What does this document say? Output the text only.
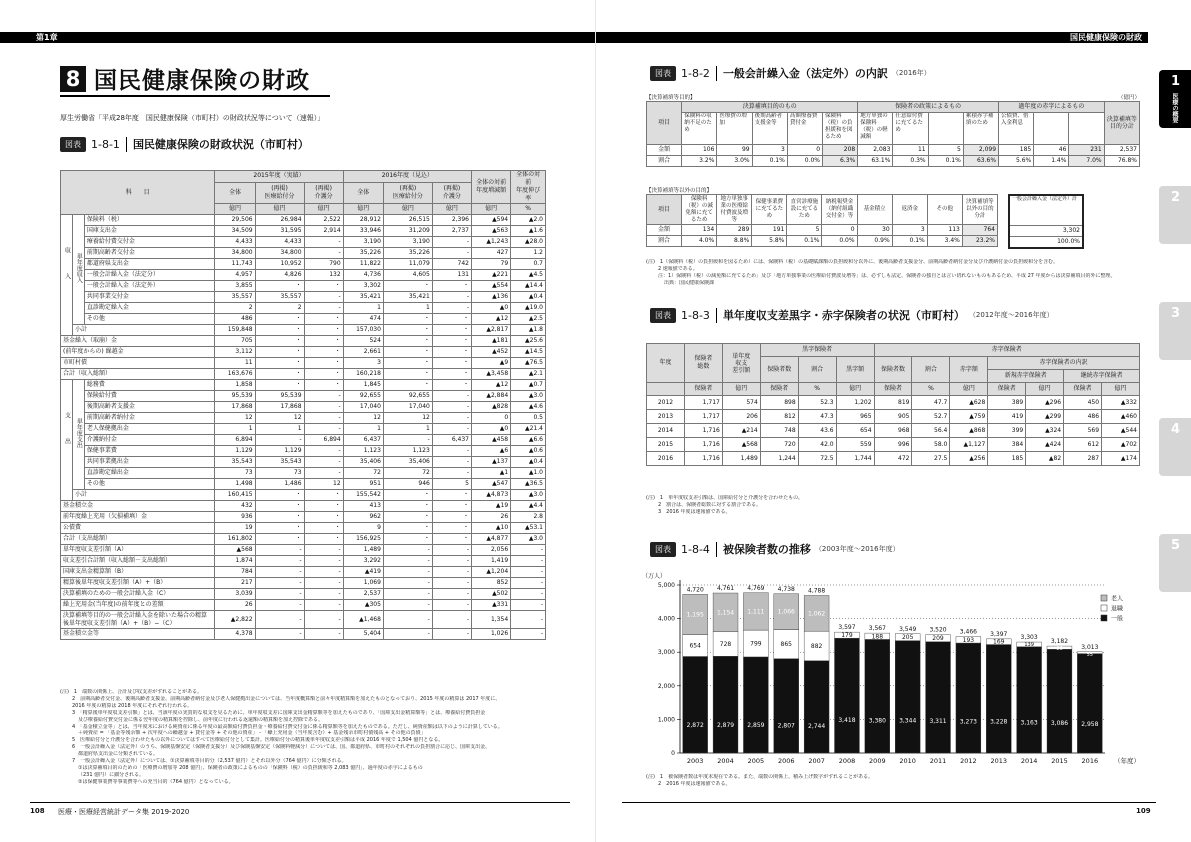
第1章
8 国民健康保険の財政
厚生労働省「平成28年度　国民健康保険（市町村）の財政状況等について（速報）」
図表 1-8-1 国民健康保険の財政状況（市町村）
科　　目			2015年度（実績）			2016年度（見込）			全体の対前
年度増減額	全体の対前
年度伸び率
			全体	(再掲)
医療給付分	(再掲)
介護分	全体	(再掲)
医療給付分	(再掲)
介護分		
			億円	億円	億円	億円	億円	億円	億円	%
収入	単年度収入	保険料（税）	29,506	26,984	2,522	28,912	26,515	2,396	▲594	▲2.0
		国庫支出金	34,509	31,595	2,914	33,946	31,209	2,737	▲563	▲1.6
		療養給付費交付金	4,433	4,433	-	3,190	3,190	-	▲1,243	▲28.0
		前期高齢者交付金	34,800	34,800	-	35,226	35,226	-	427	1.2
		都道府県支出金	11,743	10,952	790	11,822	11,079	742	79	0.7
		一般会計繰入金（法定分）	4,957	4,826	132	4,736	4,605	131	▲221	▲4.5
		一般会計繰入金（法定外）	3,855	・	・	3,302	・	・	▲554	▲14.4
		共同事業交付金	35,557	35,557	-	35,421	35,421	-	▲136	▲0.4
		直診勘定繰入金	2	2	-	1	1	-	▲0	▲19.0
		その他	486	・	・	474	・	・	▲12	▲2.5
	小計		159,848	・	・	157,030	・	・	▲2,817	▲1.8
基金繰入（取崩）金			705	・	・	524	・	・	▲181	▲25.6
(前年度からの) 繰越金			3,112	・	・	2,661	・	・	▲452	▲14.5
市町村債			11	・	・	3	・	・	▲9	▲76.5
合計（収入総額）			163,676	・	・	160,218	・	・	▲3,458	▲2.1
支出	単年度支出	総務費	1,858	・	・	1,845	・	・	▲12	▲0.7
		保険給付費	95,539	95,539	-	92,655	92,655	-	▲2,884	▲3.0
		後期高齢者支援金	17,868	17,868	-	17,040	17,040	-	▲828	▲4.6
		前期高齢者納付金	12	12	-	12	12	-	0	0.5
		老人保健拠出金	1	1	-	1	1	-	▲0	▲21.4
		介護納付金	6,894	-	6,894	6,437	-	6,437	▲458	▲6.6
		保健事業費	1,129	1,129	-	1,123	1,123	-	▲6	▲0.6
		共同事業拠出金	35,543	35,543	-	35,406	35,406	-	▲137	▲0.4
		直診勘定繰出金	73	73	-	72	72	-	▲1	▲1.0
		その他	1,498	1,486	12	951	946	5	▲547	▲36.5
	小計		160,415	・	・	155,542	・	・	▲4,873	▲3.0
基金積立金			432	・	・	413	・	・	▲19	▲4.4
前年度繰上充用（欠損補填）金			936	・	・	962	・	・	26	2.8
公債費			19	・	・	9	・	・	▲10	▲53.1
合計（支出総額）			161,802	・	・	156,925	・	・	▲4,877	▲3.0
単年度収支差引額（A）			▲568	-	-	1,489	-	-	2,056	-
収支差引合計額（収入総額－支出総額）			1,874	-	-	3,292	-	-	1,419	-
国庫支出金精算額（B）			784	-	-	▲419	-	-	▲1,204	-
精算後単年度収支差引額（A）+（B）			217	-	-	1,069	-	-	852	-
決算補填のための一般会計繰入金（C）			3,039	-	-	2,537	-	-	▲502	-
繰上充用金(当年度)の前年度との差額			26	-	-	▲305	-	-	▲331	-
決算補填等目的の一般会計繰入金を除いた場合の精算後単年度収支差引額（A）+（B）−（C）			▲2,822	-	-	▲1,468	-	-	1,354	-
基金積立金等			4,378	-	-	5,404	-	-	1,026	-
(注)　1　端数の関係上、合計及び収支差がずれることがある。
2　前期高齢者交付金、後期高齢者支援金、前期高齢者納付金及び老人保健拠出金については、当年度概算額と前々年度精算額を加えたものとなっており、2015 年度の精算は 2017 年度に、
2016 年度の精算は 2018 年度にそれぞれ行われる。
3　「精算後単年度収支差引額」とは、当該年度の実質的な収支を見るために、単年度収支差に国庫支出金精算額等を加えたものであり、「国庫支出金精算額等」とは、療養給付費負担金
及び療養給付費交付金に係る翌年度の精算額を控除し、前年度に行われる返還額の精算額を加え控除である。
4　「基金積立金等」とは、当年度末における純資産に係る年度の最高額給付費負担金・療養給付費交付金に係る精算額等を加えたものである。ただし、純資産額は以下のように計算している。
＋純資産 = 「基金等残余額 + 次年度への繰越金 + 貸付金等 + その他の資産」 - 「繰上充用金（当年度含む）+ 基金残余市町村債残高 + その他の負債」
5　医療給付分と介護分を合わせたもの以外についてはすべて医療給付分として集計。医療給付分の精算後単年度収支差引額は平成 2016 年度で 1,504 億円となる。
6　一般会計繰入金（法定外）のうち、保険基盤安定（保険者支援分）及び保険基盤安定（保険料軽減分）については、国、都道府県、市町村のそれぞれの負担割合に応じ、国庫支出金、
都道府県支出金に分類されている。
7　一般会計繰入金（法定外）については、①決算補填等目的分（2,537 億円）とそれ以外分（764 億円）に分類される。
①は決算補填目的のための「医療費の増加等 208 億円」、保険者の政策によるものの「保険料（税）の負担緩和等 2,083 億円」、過年度の赤字によるもの
（231 億円）に細分される。
②は保健事業費等事業費等への充当目的（764 億円）となっている。
108 医療・医療経営統計データ集 2019-2020
国民健康保険の財政
1
医療の概要
2
3
4
5
図表 1-8-2 一般会計繰入金（法定外）の内訳 （2016年）
【決算補填等目的】	（億円）
項目	決算補填目的のもの					保険者の政策によるもの				過年度の赤字によるもの			決算補填等目的分計
	保険料の収納不足のため	医療費の増加	後期高齢者支援金等	高額療養費貸付金	保険料（税）の負担緩和を図るため	地方単独の保険料（税）の軽減額	任意給付費に充てるため		累積赤字補填のため	公債費、借入金利息			
金額	106	99	3	0	208	2,083	11	5	2,099	185	46	231	2,537
割合	3.2%	3.0%	0.1%	0.0%	6.3%	63.1%	0.3%	0.1%	63.6%	5.6%	1.4%	7.0%	76.8%
【決算補填等以外の目的】
項目	保険料（税）の減免額に充てるため	地方単独事業の医療給付費波及増等	保健事業費に充てるため	直営診療施設に充てるため	納税報奨金（納付組織交付金）等	基金積立	返済金	その他	決算補填等以外の目的分計
金額	134	289	191	5	0	30	3	113	764
割合	4.0%	8.8%	5.8%	0.1%	0.0%	0.9%	0.1%	3.4%	23.2%
一般会計繰入金（法定外）計
3,302
100.0%
(注)　1（保険料（税）の負担緩和を図るため）には、保険料（税）の基礎賦課額の負担緩和分以外に、後期高齢者支援金分、前期高齢者納付金分及び介護納付金の負担緩和分を含む。
2 速報値である。
注：1）保険料（税）の減免額に充てるため」及び「地方単独事業の医療給付費波及増等」は、必ずしも法定、保険者の独自とは言い切れないものもあるため、平成 27 年度からは決算補填目的外に整理。
出典：国民健康保険課
図表 1-8-3 単年度収支差黒字・赤字保険者の状況（市町村） （2012年度〜2016年度）
年度	保険者
総数	単年度
収支
差引額	黒字保険者			赤字保険者						
			保険者数	割合	黒字額	保険者数	割合	赤字額	赤字保険者の内訳			
									新規赤字保険者		継続赤字保険者	
	保険者	億円	保険者	%	億円	保険者	%	億円	保険者	億円	保険者	億円
2012	1,717	574	898	52.3	1,202	819	47.7	▲628	389	▲296	450	▲332
2013	1,717	206	812	47.3	965	905	52.7	▲759	419	▲299	486	▲460
2014	1,716	▲214	748	43.6	654	968	56.4	▲868	399	▲324	569	▲544
2015	1,716	▲568	720	42.0	559	996	58.0	▲1,127	384	▲424	612	▲702
2016	1,716	1,489	1,244	72.5	1,744	472	27.5	▲256	185	▲82	287	▲174
(注)　1　単年度収支差引額は、国庫給付分と介護分を合わせたもの。
2　割合は、保険者総数に対する割合である。
3　2016 年度は速報値である。
図表 1-8-4 被保険者数の推移 （2003年度〜2016年度）
（万人）
0
1,000
2,000
3,000
4,000
5,000
2,872
654
1,195
4,720
2003
2,879
728
1,154
4,761
2004
2,859
799
1,111
4,769
2005
2,807
865
1,066
4,738
2006
2,744
882
1,062
4,788
2007
3,418
179
3,597
2008
3,380
188
3,567
2009
3,344
205
3,549
2010
3,311
209
3,520
2011
3,273
193
3,466
2012
3,228
169
3,397
2013
3,163
139
3,303
2014
3,086
96
3,182
2015
2,958
55
3,013
2016 （年度）
老人
退職
一般
(注)　1　被保険者数は年度末現在である。また、端数の関係上、積み上げ数字がずれることがある。
2　2016 年度は速報値である。
109
